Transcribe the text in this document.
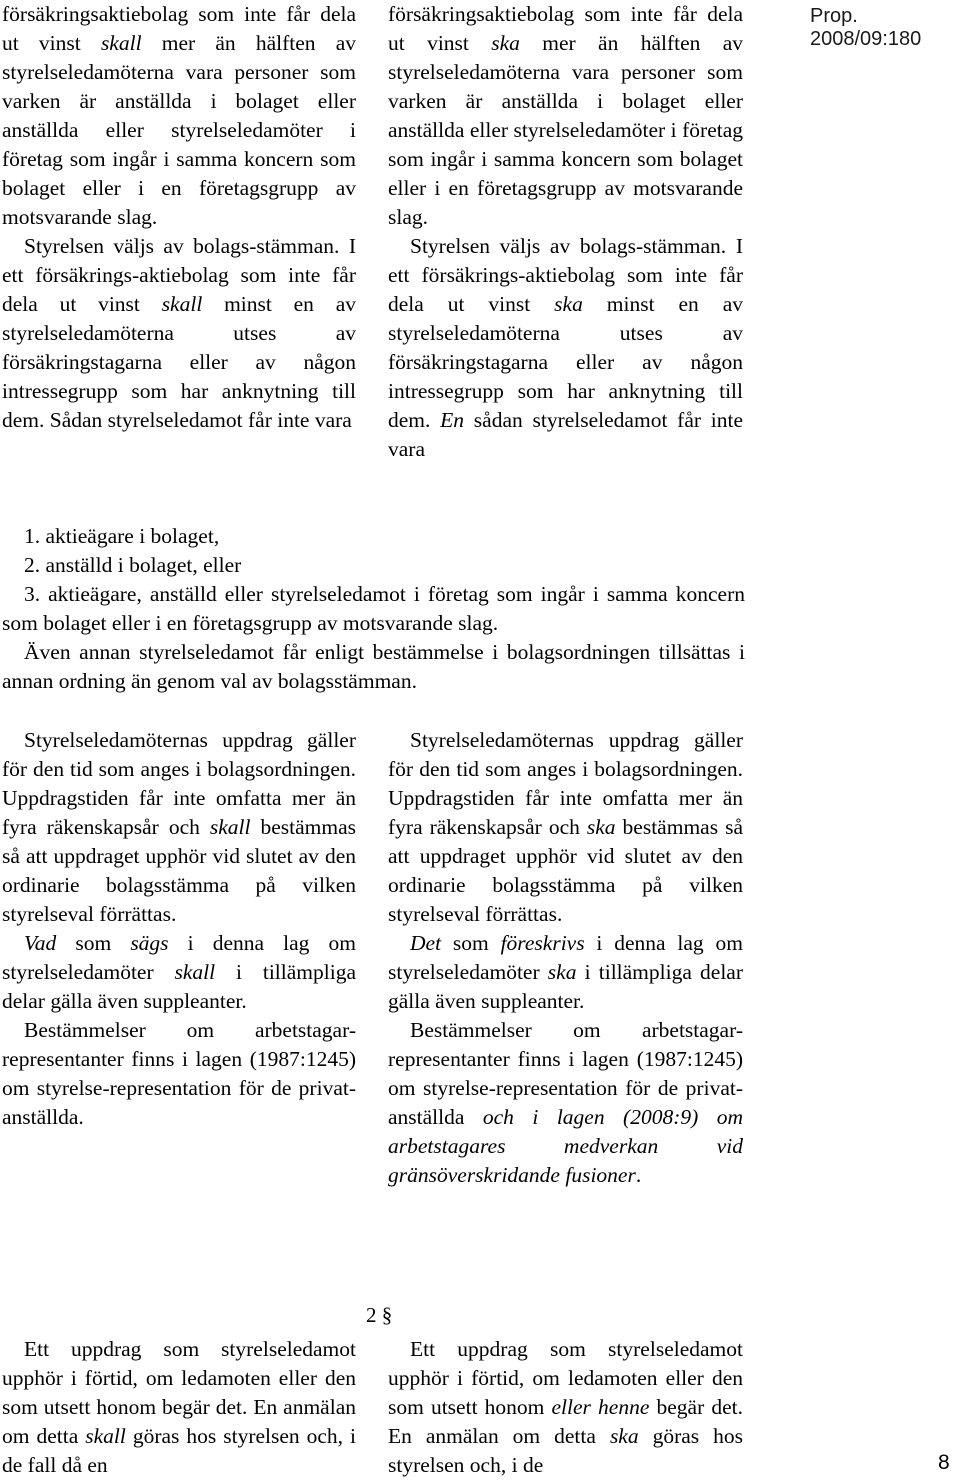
Prop. 2008/09:180

försäkringsaktiebolag som inte får dela ut vinst skall mer än hälften av styrelseledamöterna vara personer som varken är anställda i bolaget eller anställda eller styrelseledamöter i företag som ingår i samma koncern som bolaget eller i en företagsgrupp av motsvarande slag.

Styrelsen väljs av bolags-stämman. I ett försäkrings-aktiebolag som inte får dela ut vinst skall minst en av styrelseledamöterna utses av försäkringstagarna eller av någon intressegrupp som har anknytning till dem. Sådan styrelseledamot får inte vara

försäkringsaktiebolag som inte får dela ut vinst ska mer än hälften av styrelseledamöterna vara personer som varken är anställda i bolaget eller anställda eller styrelseledamöter i företag som ingår i samma koncern som bolaget eller i en företagsgrupp av motsvarande slag.

Styrelsen väljs av bolags-stämman. I ett försäkrings-aktiebolag som inte får dela ut vinst ska minst en av styrelseledamöterna utses av försäkringstagarna eller av någon intressegrupp som har anknytning till dem. En sådan styrelseledamot får inte vara

1. aktieägare i bolaget,
2. anställd i bolaget, eller

3. aktieägare, anställd eller styrelseledamot i företag som ingår i samma koncern som bolaget eller i en företagsgrupp av motsvarande slag.

Även annan styrelseledamot får enligt bestämmelse i bolagsordningen tillsättas i annan ordning än genom val av bolagsstämman.

Styrelseledamöternas uppdrag gäller för den tid som anges i bolagsordningen. Uppdragstiden får inte omfatta mer än fyra räkenskapsår och skall bestämmas så att uppdraget upphör vid slutet av den ordinarie bolagsstämma på vilken styrelseval förrättas.

Vad som sägs i denna lag om styrelseledamöter skall i tillämpliga delar gälla även suppleanter.

Bestämmelser om arbetstagar-representanter finns i lagen (1987:1245) om styrelse-representation för de privat-anställda.

Styrelseledamöternas uppdrag gäller för den tid som anges i bolagsordningen. Uppdragstiden får inte omfatta mer än fyra räkenskapsår och ska bestämmas så att uppdraget upphör vid slutet av den ordinarie bolagsstämma på vilken styrelseval förrättas.

Det som föreskrivs i denna lag om styrelseledamöter ska i tillämpliga delar gälla även suppleanter.

Bestämmelser om arbetstagar-representanter finns i lagen (1987:1245) om styrelse-representation för de privat-anställda och i lagen (2008:9) om arbetstagares medverkan vid gränsöverskridande fusioner.

2 §

Ett uppdrag som styrelseledamot upphör i förtid, om ledamoten eller den som utsett honom begär det. En anmälan om detta skall göras hos styrelsen och, i de fall då en

Ett uppdrag som styrelseledamot upphör i förtid, om ledamoten eller den som utsett honom eller henne begär det. En anmälan om detta ska göras hos styrelsen och, i de	8
